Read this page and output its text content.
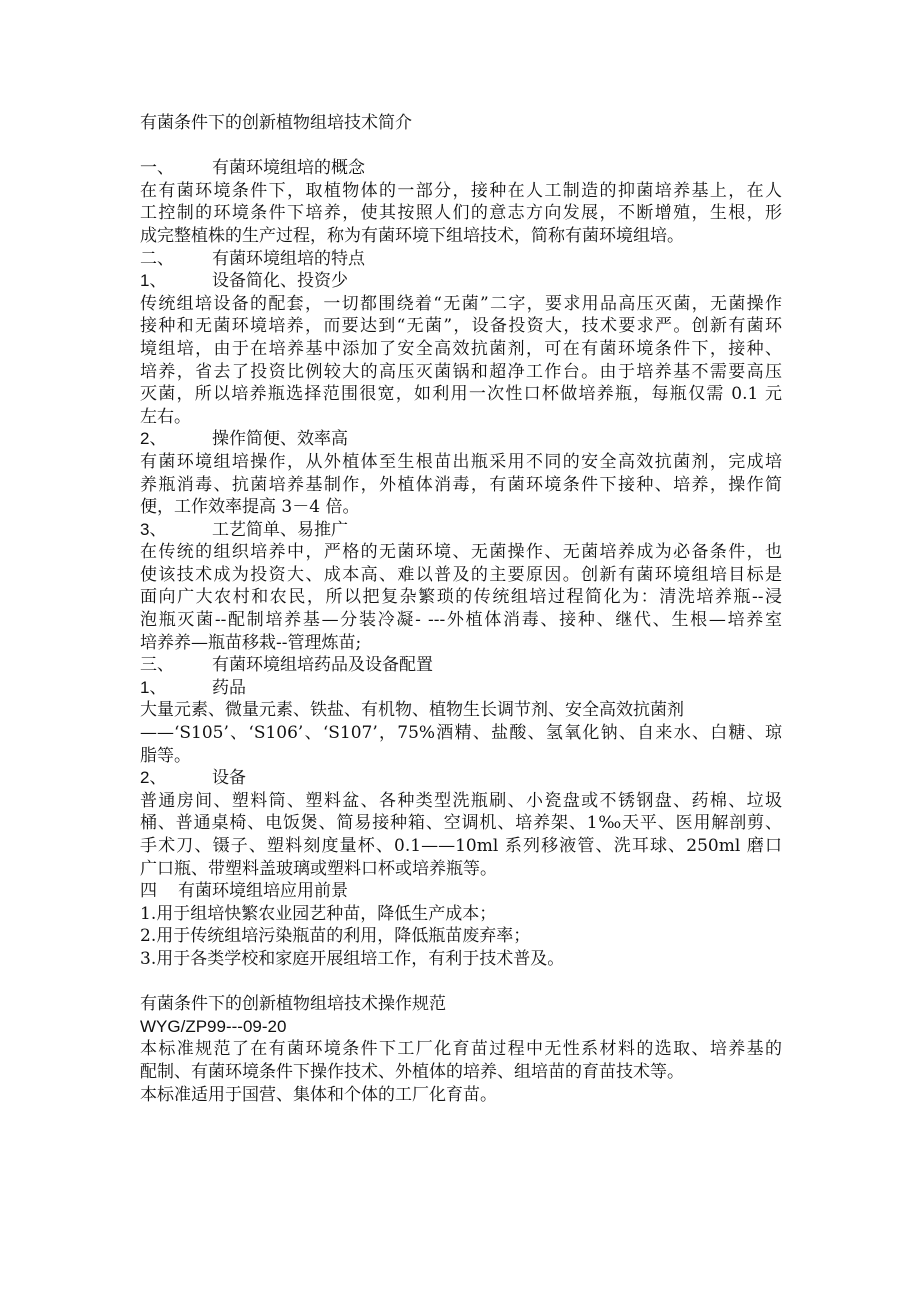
有菌条件下的创新植物组培技术简介
一、	有菌环境组培的概念
在有菌环境条件下，取植物体的一部分，接种在人工制造的抑菌培养基上，在人
工控制的环境条件下培养，使其按照人们的意志方向发展，不断增殖，生根，形
成完整植株的生产过程，称为有菌环境下组培技术，简称有菌环境组培。
二、	有菌环境组培的特点
1、	设备简化、投资少
传统组培设备的配套，一切都围绕着“无菌”二字，要求用品高压灭菌，无菌操作
接种和无菌环境培养，而要达到“无菌”，设备投资大，技术要求严。创新有菌环
境组培，由于在培养基中添加了安全高效抗菌剂，可在有菌环境条件下，接种、
培养，省去了投资比例较大的高压灭菌锅和超净工作台。由于培养基不需要高压
灭菌，所以培养瓶选择范围很宽，如利用一次性口杯做培养瓶，每瓶仅需 0.1 元
左右。
2、	操作简便、效率高
有菌环境组培操作，从外植体至生根苗出瓶采用不同的安全高效抗菌剂，完成培
养瓶消毒、抗菌培养基制作，外植体消毒，有菌环境条件下接种、培养，操作简
便，工作效率提高 3－4 倍。
3、	工艺简单、易推广
在传统的组织培养中，严格的无菌环境、无菌操作、无菌培养成为必备条件，也
使该技术成为投资大、成本高、难以普及的主要原因。创新有菌环境组培目标是
面向广大农村和农民，所以把复杂繁琐的传统组培过程简化为：清洗培养瓶--浸
泡瓶灭菌--配制培养基—分装冷凝- ---外植体消毒、接种、继代、生根—培养室
培养养—瓶苗移栽--管理炼苗;
三、	有菌环境组培药品及设备配置
1、	药品
大量元素、微量元素、铁盐、有机物、植物生长调节剂、安全高效抗菌剂
——‘S105’、‘S106’、‘S107’，75%酒精、盐酸、氢氧化钠、自来水、白糖、琼
脂等。
2、	设备
普通房间、塑料筒、塑料盆、各种类型洗瓶刷、小瓷盘或不锈钢盘、药棉、垃圾
桶、普通桌椅、电饭煲、简易接种箱、空调机、培养架、1‰天平、医用解剖剪、
手术刀、镊子、塑料刻度量杯、0.1——10ml 系列移液管、洗耳球、250ml 磨口
广口瓶、带塑料盖玻璃或塑料口杯或培养瓶等。
四	有菌环境组培应用前景
1.用于组培快繁农业园艺种苗，降低生产成本；
2.用于传统组培污染瓶苗的利用，降低瓶苗废弃率；
3.用于各类学校和家庭开展组培工作，有利于技术普及。
有菌条件下的创新植物组培技术操作规范
WYG/ZP99---09-20
本标准规范了在有菌环境条件下工厂化育苗过程中无性系材料的选取、培养基的
配制、有菌环境条件下操作技术、外植体的培养、组培苗的育苗技术等。
本标准适用于国营、集体和个体的工厂化育苗。
